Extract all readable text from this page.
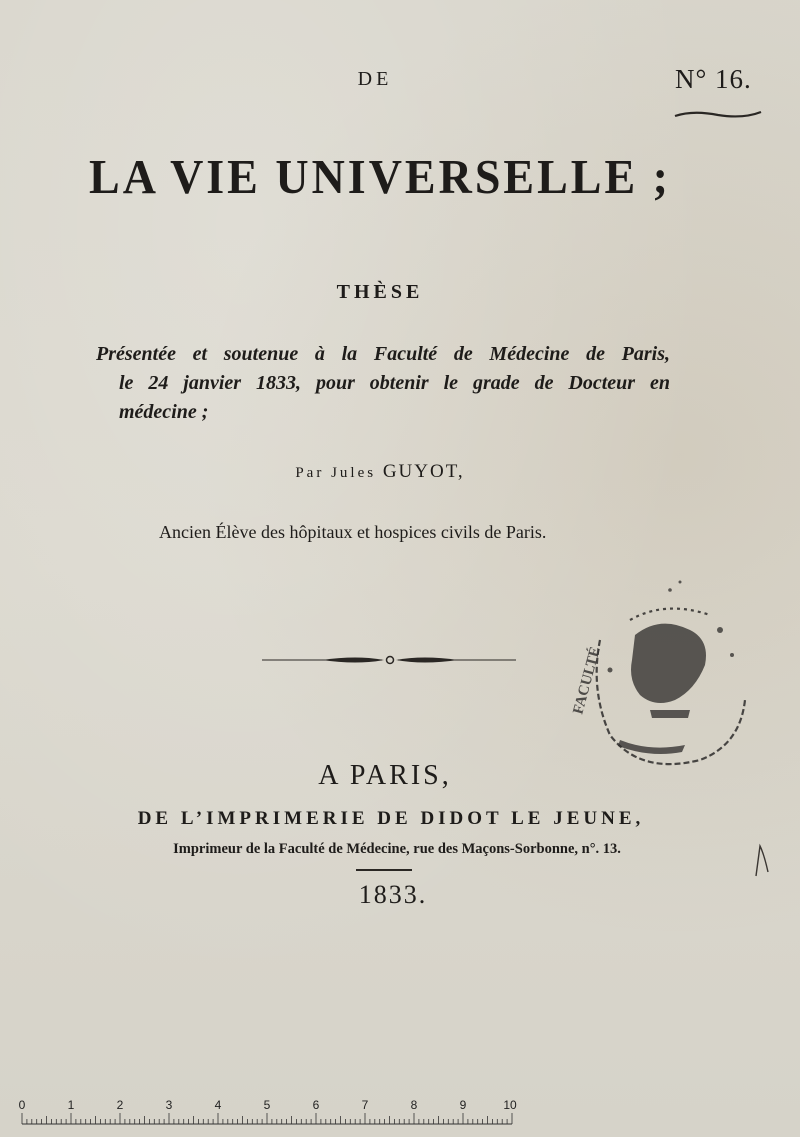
DE	N° 16.
LA VIE UNIVERSELLE ;
THÈSE
Présentée et soutenue à la Faculté de Médecine de Paris,
le 24 janvier 1833, pour obtenir le grade de Docteur en
médecine ;
Par Jules GUYOT,
Ancien Élève des hôpitaux et hospices civils de Paris.
FACULTÉ
A PARIS,
DE L’IMPRIMERIE DE DIDOT LE JEUNE,
Imprimeur de la Faculté de Médecine, rue des Maçons-Sorbonne, n°. 13.
1833.
0	1	2	3	4	5	6	7	8	9	10
